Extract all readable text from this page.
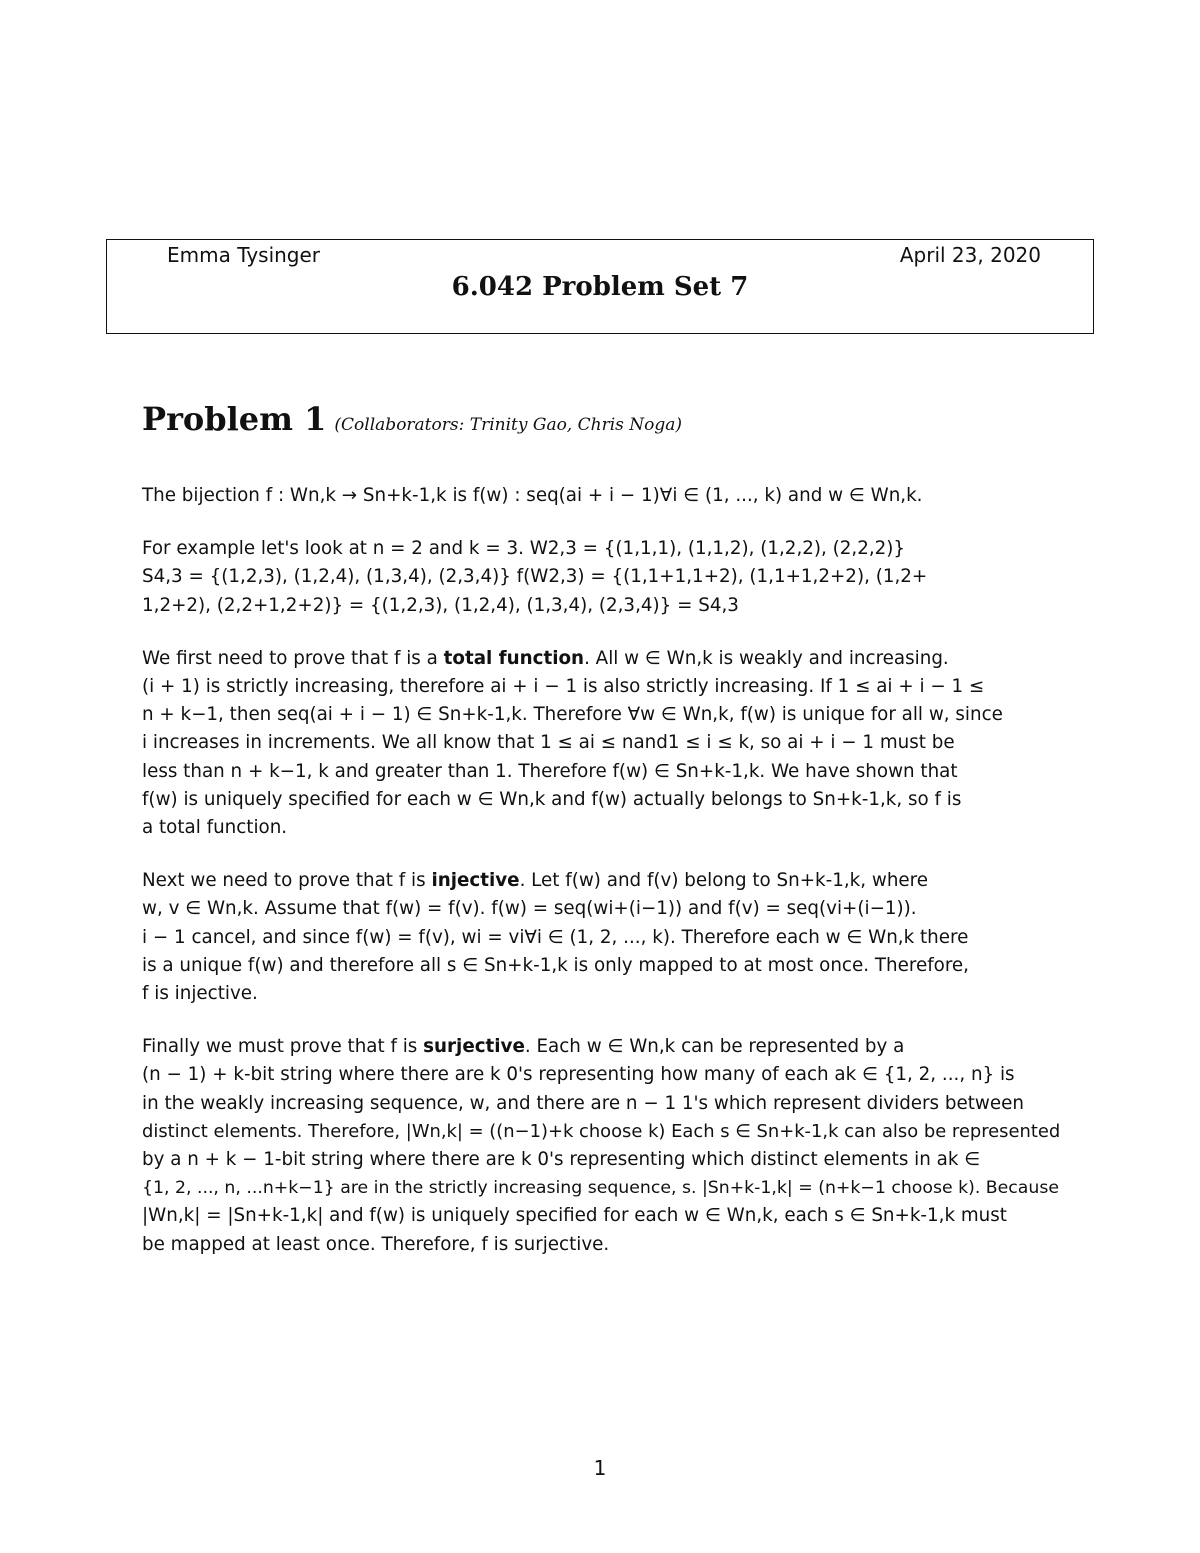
Emma Tysinger	April 23, 2020
6.042 Problem Set 7
Problem 1 (Collaborators: Trinity Gao, Chris Noga)
The bijection f : Wn,k → Sn+k-1,k is f(w) : seq(ai + i − 1)∀i ∈ (1, ..., k) and w ∈ Wn,k.
For example let's look at n = 2 and k = 3. W2,3 = {(1,1,1), (1,1,2), (1,2,2), (2,2,2)}
S4,3 = {(1,2,3), (1,2,4), (1,3,4), (2,3,4)} f(W2,3) = {(1,1+1,1+2), (1,1+1,2+2), (1,2+
1,2+2), (2,2+1,2+2)} = {(1,2,3), (1,2,4), (1,3,4), (2,3,4)} = S4,3
We first need to prove that f is a total function. All w ∈ Wn,k is weakly and increasing.
(i + 1) is strictly increasing, therefore ai + i − 1 is also strictly increasing. If 1 ≤ ai + i − 1 ≤
n + k−1, then seq(ai + i − 1) ∈ Sn+k-1,k. Therefore ∀w ∈ Wn,k, f(w) is unique for all w, since
i increases in increments. We all know that 1 ≤ ai ≤ nand1 ≤ i ≤ k, so ai + i − 1 must be
less than n + k−1, k and greater than 1. Therefore f(w) ∈ Sn+k-1,k. We have shown that
f(w) is uniquely specified for each w ∈ Wn,k and f(w) actually belongs to Sn+k-1,k, so f is
a total function.
Next we need to prove that f is injective. Let f(w) and f(v) belong to Sn+k-1,k, where
w, v ∈ Wn,k. Assume that f(w) = f(v). f(w) = seq(wi+(i−1)) and f(v) = seq(vi+(i−1)).
i − 1 cancel, and since f(w) = f(v), wi = vi∀i ∈ (1, 2, ..., k). Therefore each w ∈ Wn,k there
is a unique f(w) and therefore all s ∈ Sn+k-1,k is only mapped to at most once. Therefore,
f is injective.
Finally we must prove that f is surjective. Each w ∈ Wn,k can be represented by a
(n − 1) + k-bit string where there are k 0's representing how many of each ak ∈ {1, 2, ..., n} is
in the weakly increasing sequence, w, and there are n − 1 1's which represent dividers between
distinct elements. Therefore, |Wn,k| = ((n−1)+k choose k) Each s ∈ Sn+k-1,k can also be represented
by a n + k − 1-bit string where there are k 0's representing which distinct elements in ak ∈
{1, 2, ..., n, ...n+k−1} are in the strictly increasing sequence, s. |Sn+k-1,k| = (n+k−1 choose k). Because
|Wn,k| = |Sn+k-1,k| and f(w) is uniquely specified for each w ∈ Wn,k, each s ∈ Sn+k-1,k must
be mapped at least once. Therefore, f is surjective.
1
